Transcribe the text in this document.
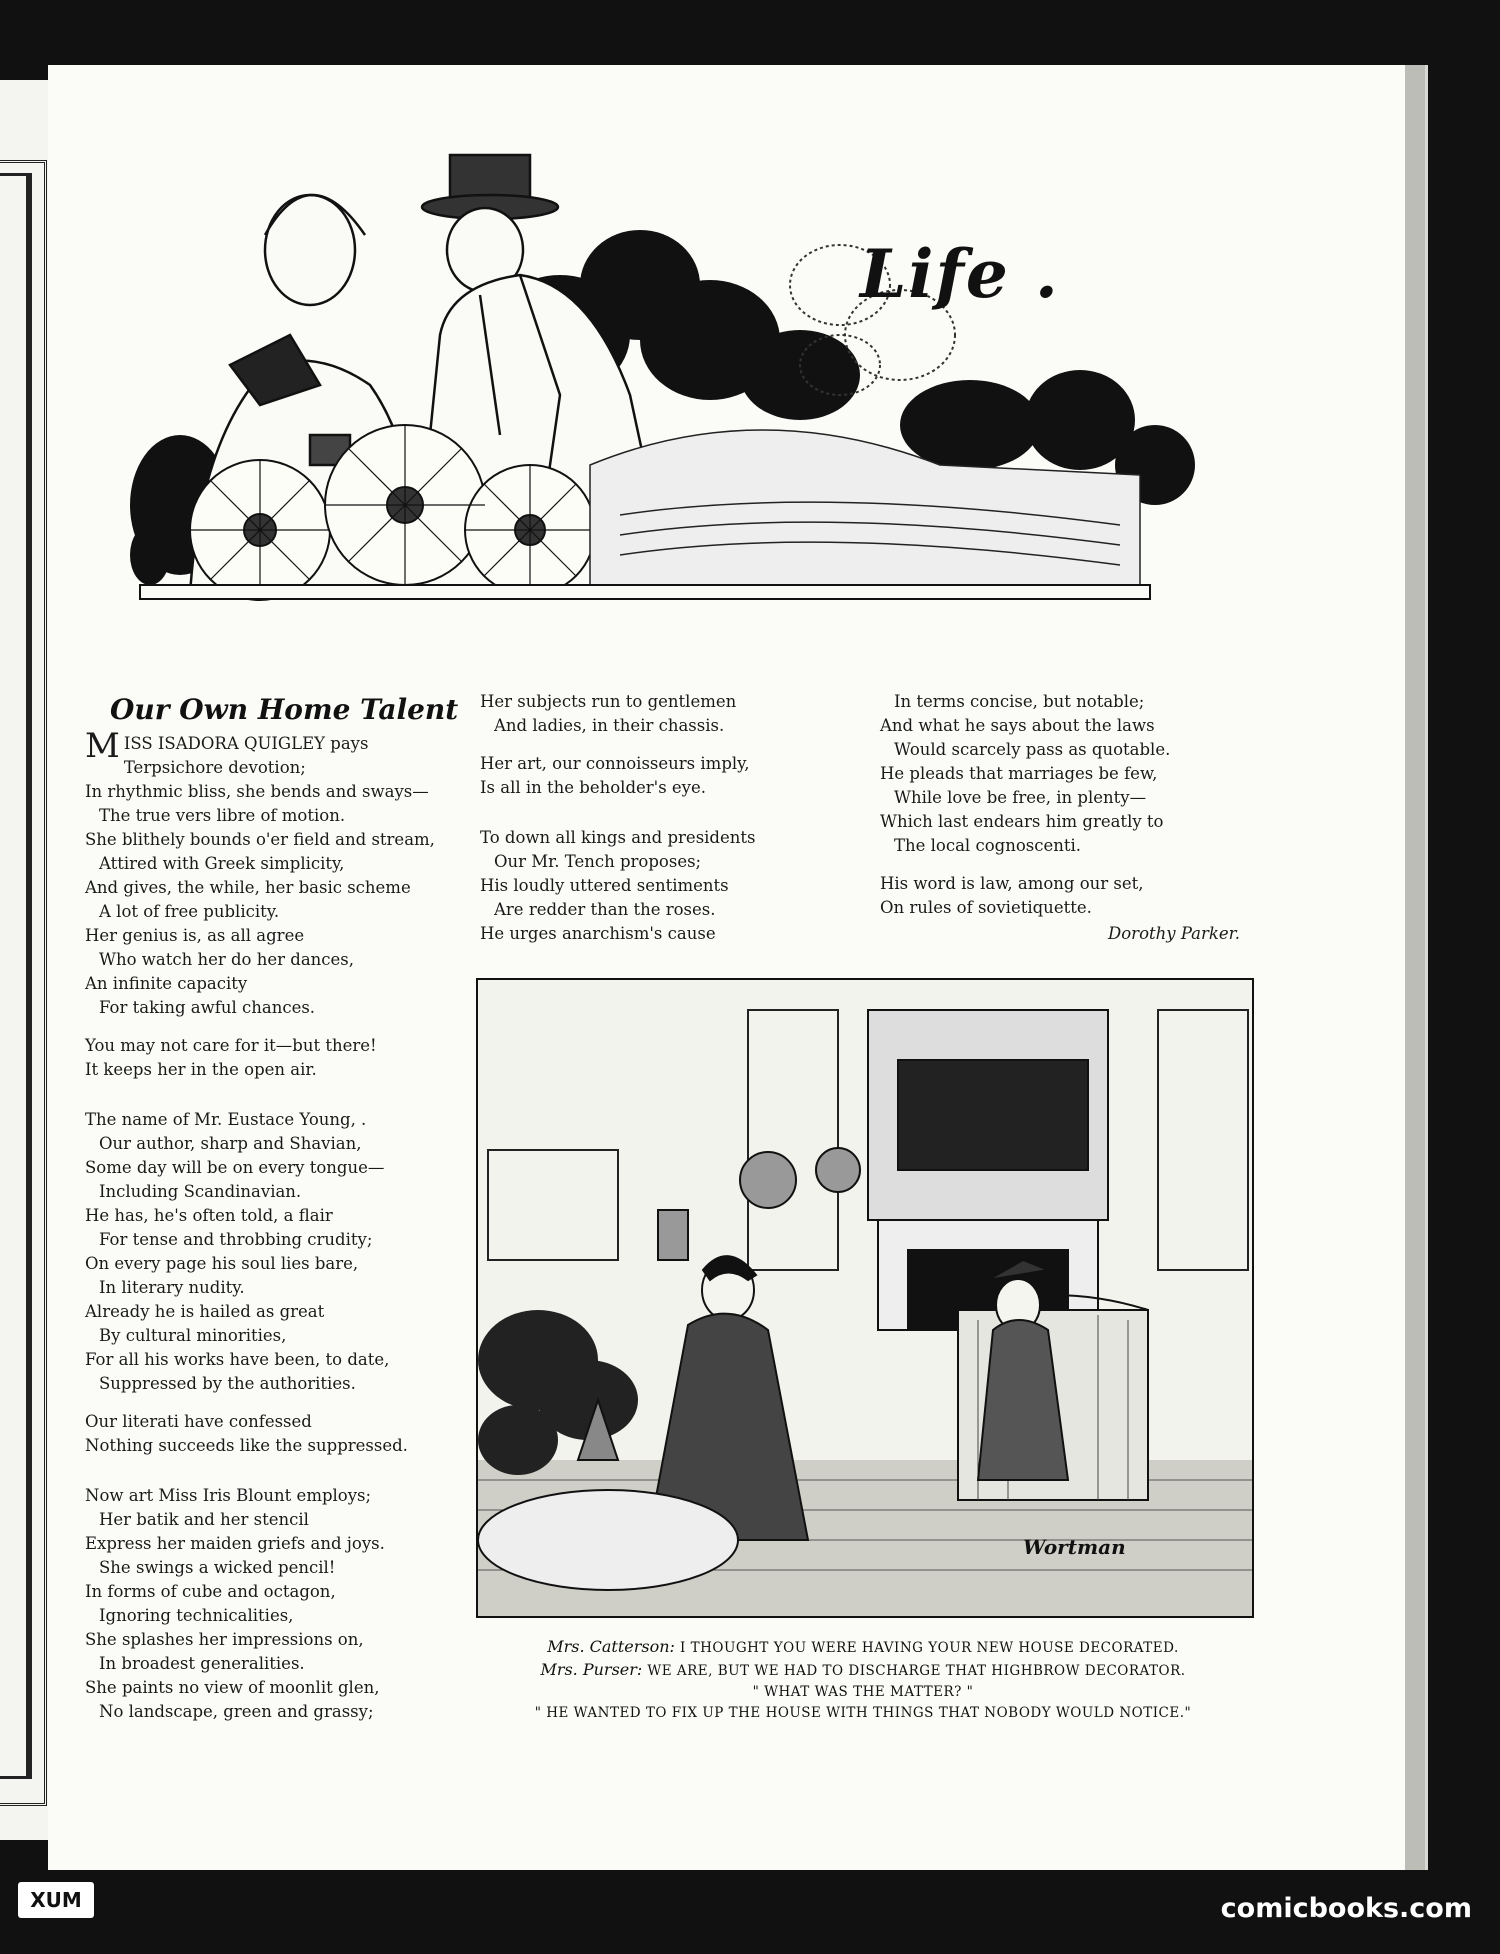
Life .
Our Own Home Talent
M ISS ISADORA QUIGLEY pays

Terpsichore devotion;

In rhythmic bliss, she bends and sways—

The true vers libre of motion.

She blithely bounds o'er field and stream,

Attired with Greek simplicity,

And gives, the while, her basic scheme

A lot of free publicity.

Her genius is, as all agree

Who watch her do her dances,

An infinite capacity

For taking awful chances.

You may not care for it—but there!

It keeps her in the open air.

The name of Mr. Eustace Young, .

Our author, sharp and Shavian,

Some day will be on every tongue—

Including Scandinavian.

He has, he's often told, a flair

For tense and throbbing crudity;

On every page his soul lies bare,

In literary nudity.

Already he is hailed as great

By cultural minorities,

For all his works have been, to date,

Suppressed by the authorities.

Our literati have confessed

Nothing succeeds like the suppressed.

Now art Miss Iris Blount employs;

Her batik and her stencil

Express her maiden griefs and joys.

She swings a wicked pencil!

In forms of cube and octagon,

Ignoring technicalities,

She splashes her impressions on,

In broadest generalities.

She paints no view of moonlit glen,

No landscape, green and grassy;

Her subjects run to gentlemen

And ladies, in their chassis.

Her art, our connoisseurs imply,

Is all in the beholder's eye.

To down all kings and presidents

Our Mr. Tench proposes;

His loudly uttered sentiments

Are redder than the roses.

He urges anarchism's cause

In terms concise, but notable;

And what he says about the laws

Would scarcely pass as quotable.

He pleads that marriages be few,

While love be free, in plenty—

Which last endears him greatly to

The local cognoscenti.

His word is law, among our set,

On rules of sovietiquette.

Dorothy Parker.

Wortman

Mrs. Catterson: I THOUGHT YOU WERE HAVING YOUR NEW HOUSE DECORATED.

Mrs. Purser: WE ARE, BUT WE HAD TO DISCHARGE THAT HIGHBROW DECORATOR.

" WHAT WAS THE MATTER? "

" HE WANTED TO FIX UP THE HOUSE WITH THINGS THAT NOBODY WOULD NOTICE."

XUM	comicbooks.com
